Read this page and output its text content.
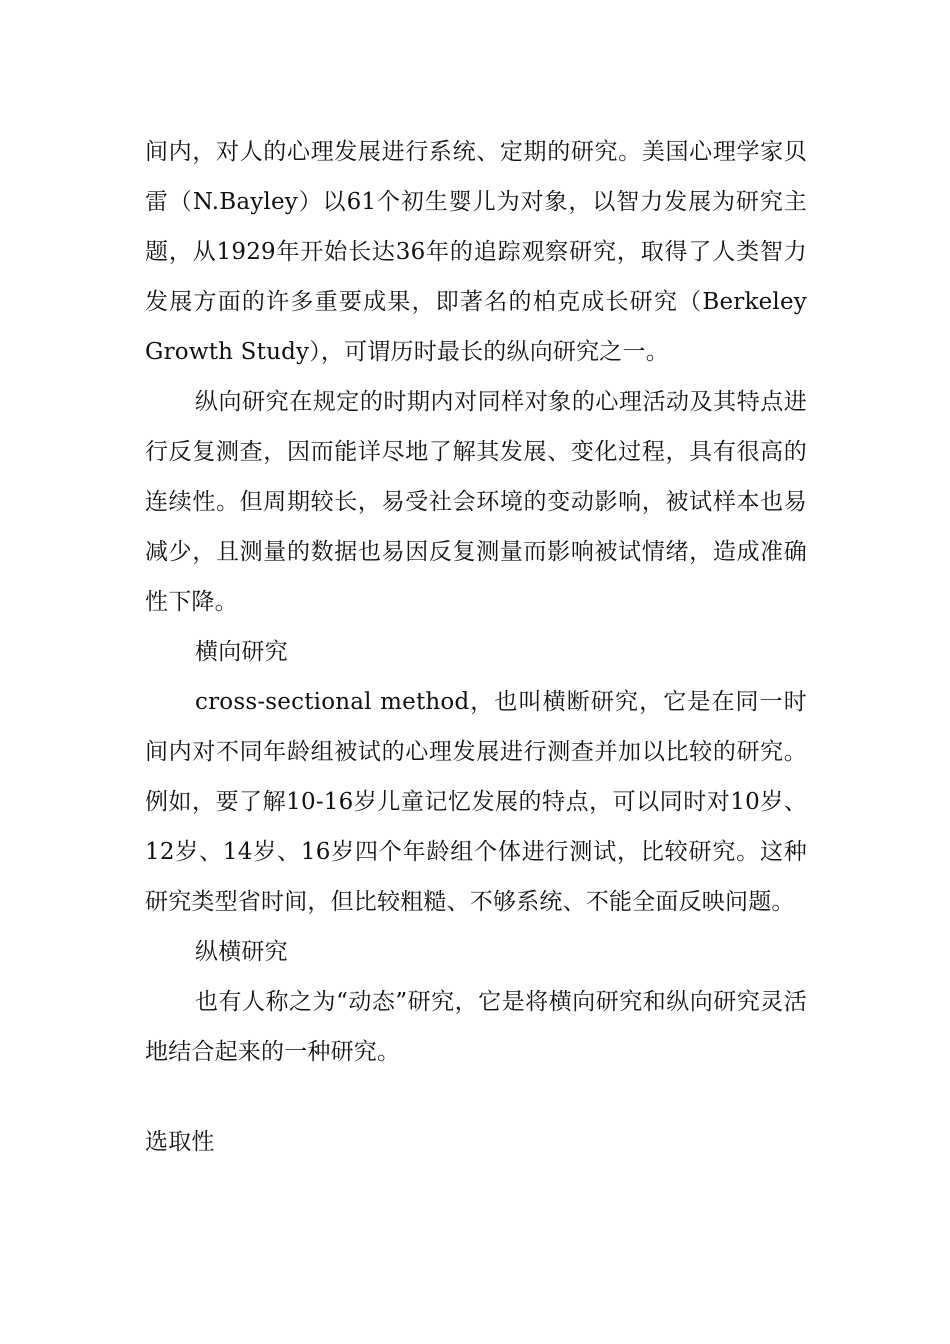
间内，对人的心理发展进行系统、定期的研究。美国心理学家贝雷（N.Bayley）以61个初生婴儿为对象，以智力发展为研究主题，从1929年开始长达36年的追踪观察研究，取得了人类智力发展方面的许多重要成果，即著名的柏克成长研究（Berkeley Growth Study），可谓历时最长的纵向研究之一。

纵向研究在规定的时期内对同样对象的心理活动及其特点进行反复测查，因而能详尽地了解其发展、变化过程，具有很高的连续性。但周期较长，易受社会环境的变动影响，被试样本也易减少，且测量的数据也易因反复测量而影响被试情绪，造成准确性下降。

横向研究

cross-sectional method，也叫横断研究，它是在同一时间内对不同年龄组被试的心理发展进行测查并加以比较的研究。例如，要了解10-16岁儿童记忆发展的特点，可以同时对10岁、12岁、14岁、16岁四个年龄组个体进行测试，比较研究。这种研究类型省时间，但比较粗糙、不够系统、不能全面反映问题。

纵横研究

也有人称之为“动态”研究，它是将横向研究和纵向研究灵活地结合起来的一种研究。

选取性
